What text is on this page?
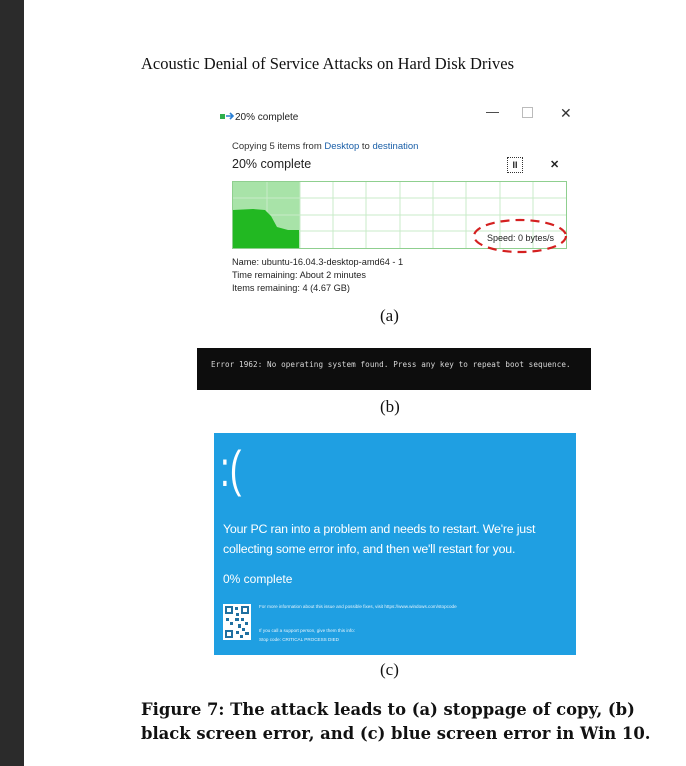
Acoustic Denial of Service Attacks on Hard Disk Drives
20% complete	—	✕
Copying 5 items from Desktop to destination
20% complete	II	✕
Speed: 0 bytes/s
Name: ubuntu-16.04.3-desktop-amd64 - 1
Time remaining: About 2 minutes
Items remaining: 4 (4.67 GB)
(a)
Error 1962: No operating system found. Press any key to repeat boot sequence.
(b)
:(
Your PC ran into a problem and needs to restart. We're just collecting some error info, and then we'll restart for you.
0% complete
For more information about this issue and possible fixes, visit https://www.windows.com/stopcode
If you call a support person, give them this info:
Stop code: CRITICAL PROCESS DIED
(c)
Figure 7: The attack leads to (a) stoppage of copy, (b) black screen error, and (c) blue screen error in Win 10.
